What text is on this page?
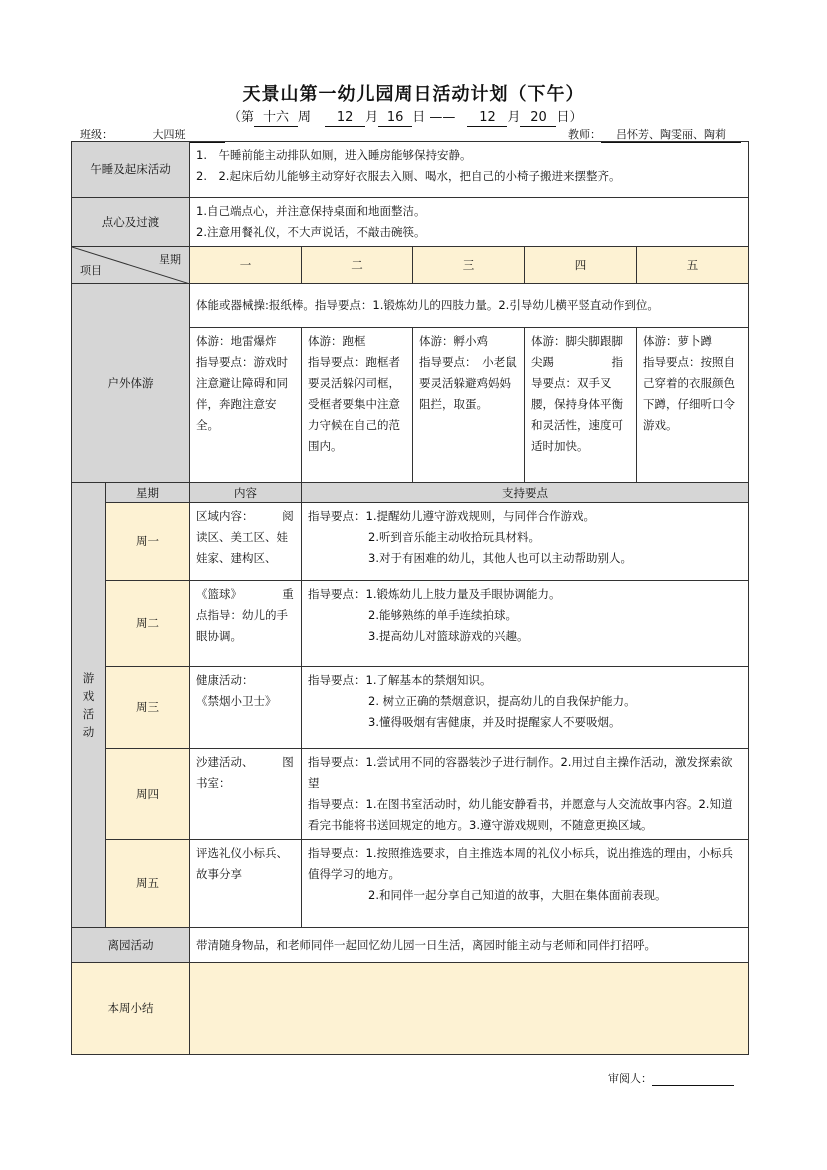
天景山第一幼儿园周日活动计划（下午）
（第 十六 周 12 月 16 日 —— 12 月 20 日）
班级：	大四班	教师： 吕怀芳、陶雯丽、陶莉
午睡及起床活动		1.　午睡前能主动排队如厕，进入睡房能够保持安静。
2.　2.起床后幼儿能够主动穿好衣服去入厕、喝水，把自己的小椅子搬进来摆整齐。				

点心及过渡		1.自己端点心，并注意保持桌面和地面整洁。
2.注意用餐礼仪，不大声说话，不敲击碗筷。				

星期
项目		一	二	三	四	五
户外体游		体能或器械操:报纸棒。指导要点：1.锻炼幼儿的四肢力量。2.引导幼儿横平竖直动作到位。				
		体游：地雷爆炸　指导要点：游戏时注意避让障碍和同伴，奔跑注意安全。	体游：跑框　　　指导要点：跑框者要灵活躲闪司框，受框者要集中注意力守候在自己的范围内。	体游：孵小鸡　　指导要点：　小老鼠要灵活躲避鸡妈妈阻拦，取蛋。	体游：脚尖脚跟脚尖踢　　　　　指导要点：双手叉腰，保持身体平衡和灵活性，速度可适时加快。	体游：萝卜蹲　　指导要点：按照自己穿着的衣服颜色下蹲，仔细听口令游戏。

游戏活动	星期	内容	支持要点			
	周一	区域内容：　　　阅读区、美工区、娃娃家、建构区、	指导要点：1.提醒幼儿遵守游戏规则，与同伴合作游戏。
2.听到音乐能主动收拾玩具材料。
3.对于有困难的幼儿，其他人也可以主动帮助别人。			

	周二	《篮球》　　　　重点指导：幼儿的手眼协调。	指导要点：1.锻炼幼儿上肢力量及手眼协调能力。
2.能够熟练的单手连续拍球。
3.提高幼儿对篮球游戏的兴趣。			

	周三	健康活动：　　　《禁烟小卫士》	指导要点：1.了解基本的禁烟知识。
2. 树立正确的禁烟意识，提高幼儿的自我保护能力。
3.懂得吸烟有害健康，并及时提醒家人不要吸烟。			

	周四	沙建活动、　　　图书室：	指导要点：1.尝试用不同的容器装沙子进行制作。2.用过自主操作活动，激发探索欲望
指导要点：1.在图书室活动时，幼儿能安静看书，并愿意与人交流故事内容。2.知道看完书能将书送回规定的地方。3.遵守游戏规则，不随意更换区域。			

	周五	评选礼仪小标兵、故事分享	指导要点：1.按照推选要求，自主推选本周的礼仪小标兵，说出推选的理由，小标兵值得学习的地方。
2.和同伴一起分享自己知道的故事，大胆在集体面前表现。			

离园活动		带清随身物品，和老师同伴一起回忆幼儿园一日生活，离园时能主动与老师和同伴打招呼。				
本周小结						
审阅人：
